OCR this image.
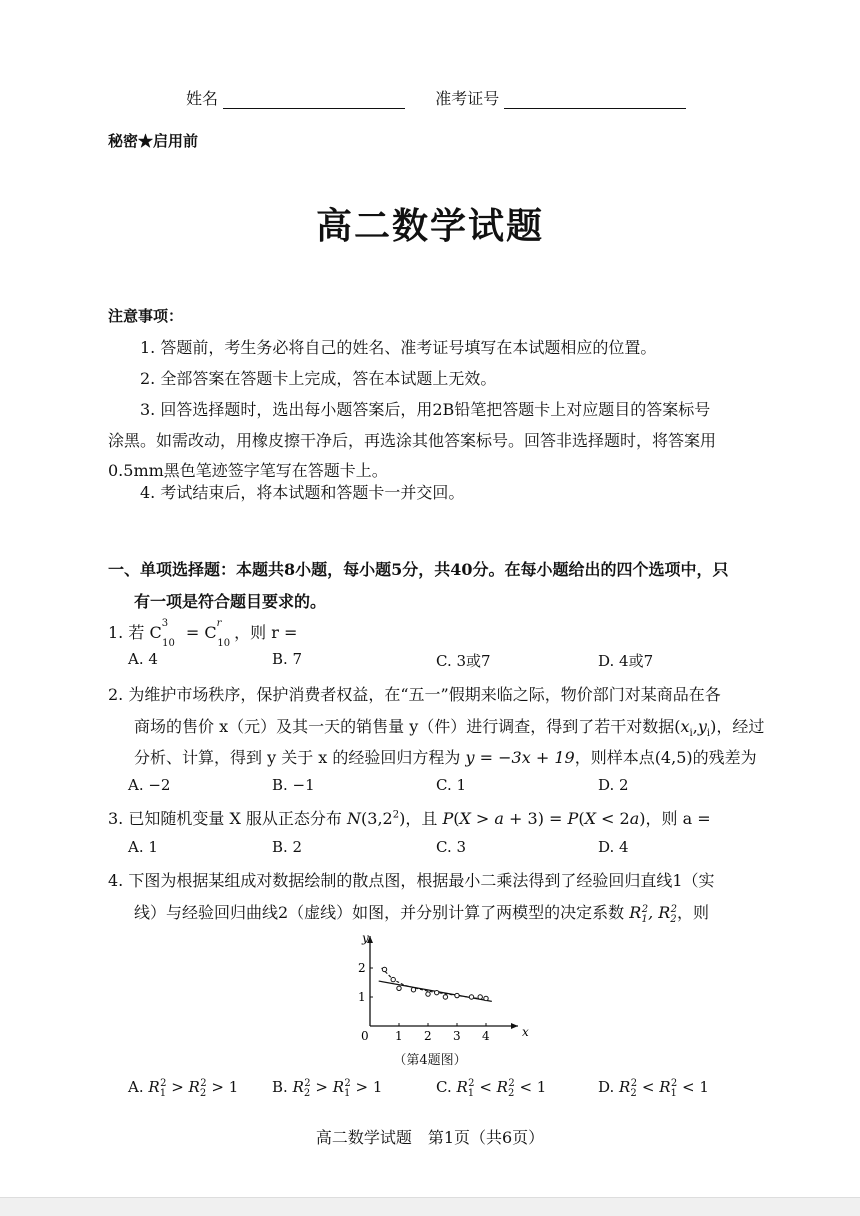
姓名	准考证号
秘密★启用前
高二数学试题
注意事项：
1. 答题前，考生务必将自己的姓名、准考证号填写在本试题相应的位置。
2. 全部答案在答题卡上完成，答在本试题上无效。
3. 回答选择题时，选出每小题答案后，用2B铅笔把答题卡上对应题目的答案标号
涂黑。如需改动，用橡皮擦干净后，再选涂其他答案标号。回答非选择题时，将答案用
0.5mm黑色笔迹签字笔写在答题卡上。
4. 考试结束后，将本试题和答题卡一并交回。
一、单项选择题：本题共8小题，每小题5分，共40分。在每小题给出的四个选项中，只
有一项是符合题目要求的。
1. 若 $C^3_{10} = C^r_{10}$，则 r =
A. 4	B. 7	C. 3或7	D. 4或7
2. 为维护市场秩序，保护消费者权益，在“五一”假期来临之际，物价部门对某商品在各
商场的售价 x（元）及其一天的销售量 y（件）进行调查，得到了若干对数据$(x_i,y_i)$，经过
分析、计算，得到 y 关于 x 的经验回归方程为 y = −3x + 19，则样本点(4,5)的残差为
A. −2	B. −1	C. 1	D. 2
3. 已知随机变量 X 服从正态分布 $N(3,2^2)$，且 P(X > a + 3) = P(X < 2a)，则 a =
A. 1	B. 2	C. 3	D. 4
4. 下图为根据某组成对数据绘制的散点图，根据最小二乘法得到了经验回归直线1（实
线）与经验回归曲线2（虚线）如图，并分别计算了两模型的决定系数 $R_1^2$, $R_2^2$，则
x
y
0 1 2 3 4
1
2
（第4题图）
A. $R_1^2 > R_2^2 > 1$ B. $R_2^2 > R_1^2 > 1$	C. $R_1^2 < R_2^2 < 1$	D. $R_2^2 < R_1^2 < 1$
高二数学试题　第1页（共6页）
